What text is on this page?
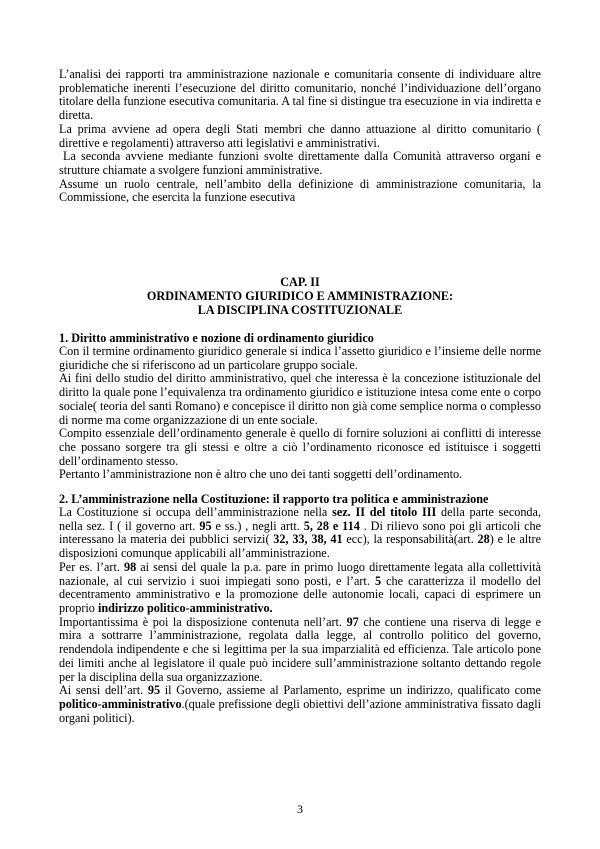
L’analisi dei rapporti tra amministrazione nazionale e comunitaria consente di individuare altre problematiche inerenti l’esecuzione del diritto comunitario, nonché l’individuazione dell’organo titolare della funzione esecutiva comunitaria. A tal fine si distingue tra esecuzione in via indiretta e diretta.

La prima avviene ad opera degli Stati membri che danno attuazione al diritto comunitario ( direttive e regolamenti) attraverso atti legislativi e amministrativi.

La seconda avviene mediante funzioni svolte direttamente dalla Comunità attraverso organi e strutture chiamate a svolgere funzioni amministrative.

Assume un ruolo centrale, nell’ambito della definizione di amministrazione comunitaria, la Commissione, che esercita la funzione esecutiva

CAP. II
ORDINAMENTO GIURIDICO E AMMINISTRAZIONE:
LA DISCIPLINA COSTITUZIONALE
1. Diritto amministrativo e nozione di ordinamento giuridico

Con il termine ordinamento giuridico generale si indica l’assetto giuridico e l’insieme delle norme giuridiche che si riferiscono ad un particolare gruppo sociale.

Ai fini dello studio del diritto amministrativo, quel che interessa è la concezione istituzionale del diritto la quale pone l’equivalenza tra ordinamento giuridico e istituzione intesa come ente o corpo sociale( teoria del santi Romano) e concepisce il diritto non già come semplice norma o complesso di norme ma come organizzazione di un ente sociale.

Compito essenziale dell’ordinamento generale è quello di fornire soluzioni ai conflitti di interesse che possano sorgere tra gli stessi e oltre a ciò l’ordinamento riconosce ed istituisce i soggetti dell’ordinamento stesso.

Pertanto l’amministrazione non è altro che uno dei tanti soggetti dell’ordinamento.

2. L’amministrazione nella Costituzione: il rapporto tra politica e amministrazione

La Costituzione si occupa dell’amministrazione nella sez. II del titolo III della parte seconda, nella sez. I ( il governo art. 95 e ss.) , negli artt. 5, 28 e 114 . Di rilievo sono poi gli articoli che interessano la materia dei pubblici servizi( 32, 33, 38, 41 ecc), la responsabilità(art. 28) e le altre disposizioni comunque applicabili all’amministrazione.

Per es. l’art. 98 ai sensi del quale la p.a. pare in primo luogo direttamente legata alla collettività nazionale, al cui servizio i suoi impiegati sono posti, e l’art. 5 che caratterizza il modello del decentramento amministrativo e la promozione delle autonomie locali, capaci di esprimere un proprio indirizzo politico-amministrativo.

Importantissima è poi la disposizione contenuta nell’art. 97 che contiene una riserva di legge e mira a sottrarre l’amministrazione, regolata dalla legge, al controllo politico del governo, rendendola indipendente e che si legittima per la sua imparzialità ed efficienza. Tale articolo pone dei limiti anche al legislatore il quale può incidere sull’amministrazione soltanto dettando regole per la disciplina della sua organizzazione.

Ai sensi dell’art. 95 il Governo, assieme al Parlamento, esprime un indirizzo, qualificato come politico-amministrativo.(quale prefissione degli obiettivi dell’azione amministrativa fissato dagli organi politici).

3
